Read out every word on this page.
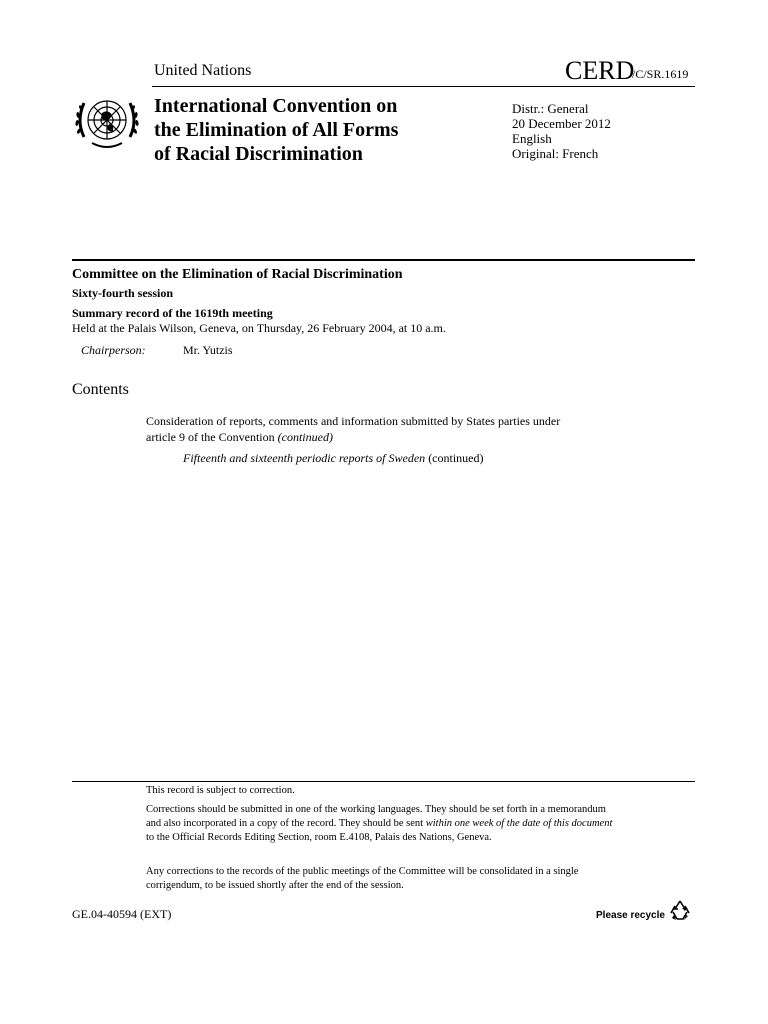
United Nations	CERD
/C/SR.1619
International Convention on
the Elimination of All Forms
of Racial Discrimination
Distr.: General
20 December 2012
English
Original: French
Committee on the Elimination of Racial Discrimination
Sixty-fourth session
Summary record of the 1619th meeting
Held at the Palais Wilson, Geneva, on Thursday, 26 February 2004, at 10 a.m.
Chairperson:	Mr. Yutzis
Contents
Consideration of reports, comments and information submitted by States parties under
article 9 of the Convention (continued)
Fifteenth and sixteenth periodic reports of Sweden (continued)
This record is subject to correction.
Corrections should be submitted in one of the working languages. They should be set forth in a memorandum and also incorporated in a copy of the record. They should be sent within one week of the date of this document to the Official Records Editing Section, room E.4108, Palais des Nations, Geneva.
Any corrections to the records of the public meetings of the Committee will be consolidated in a single corrigendum, to be issued shortly after the end of the session.
GE.04-40594 (EXT)	Please recycle
